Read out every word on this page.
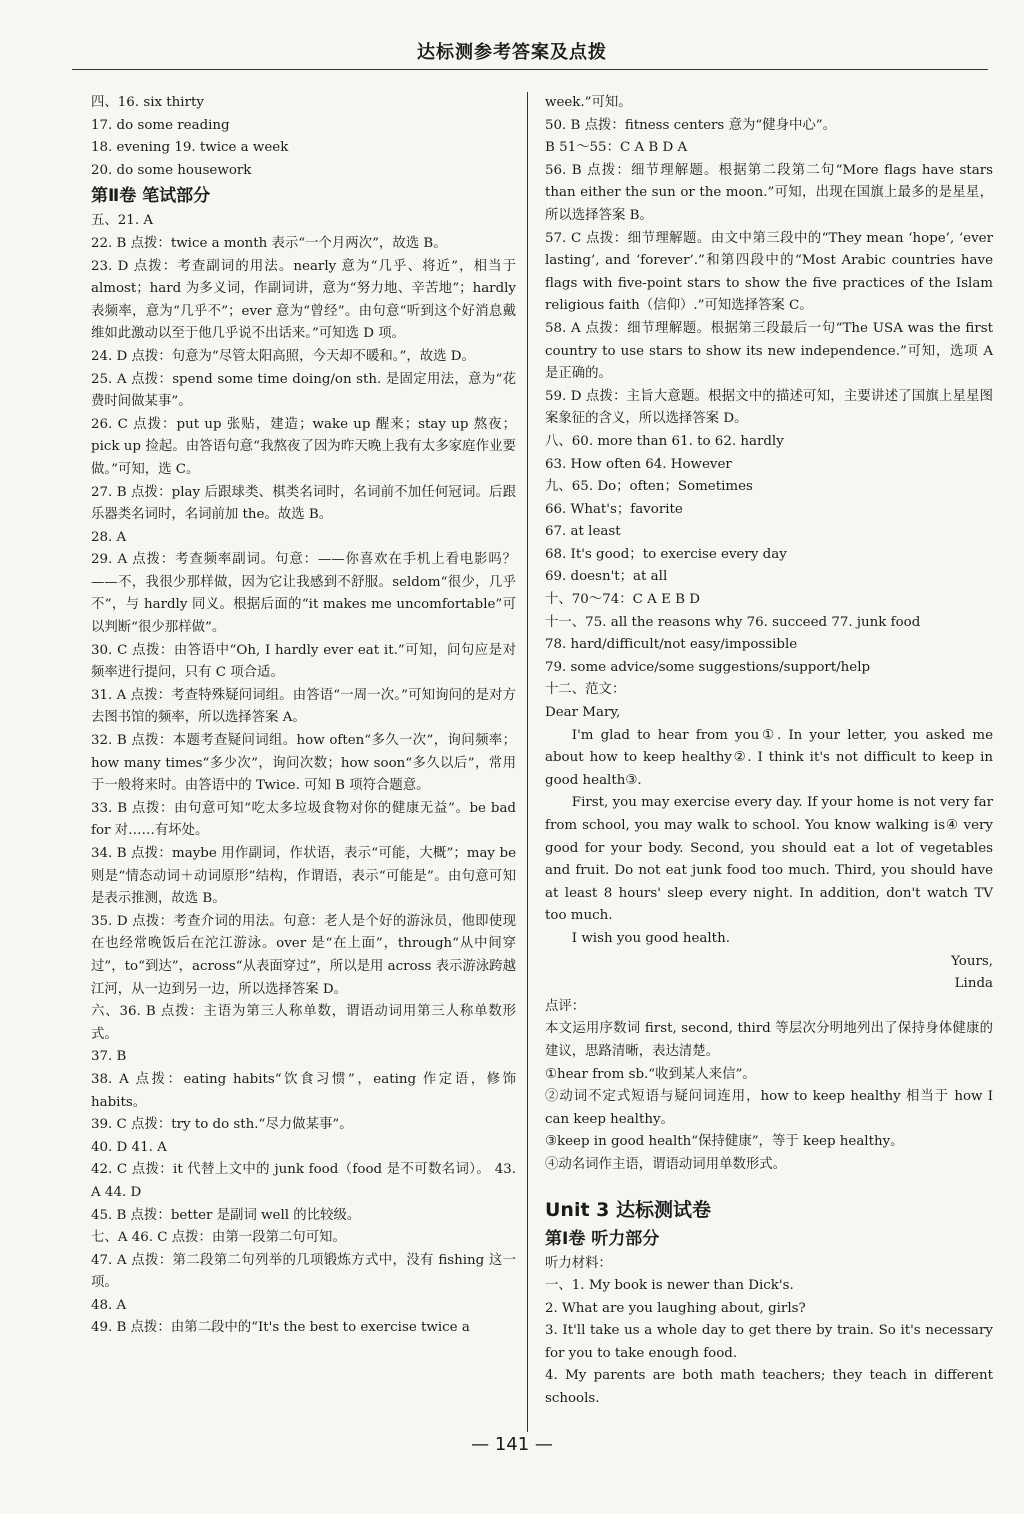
达标测参考答案及点拨

四、16. six thirty

17. do some reading

18. evening 19. twice a week

20. do some housework

第Ⅱ卷 笔试部分

五、21. A

22. B 点拨：twice a month 表示“一个月两次”，故选 B。

23. D 点拨：考查副词的用法。nearly 意为“几乎、将近”，相当于 almost；hard 为多义词，作副词讲，意为“努力地、辛苦地”；hardly 表频率，意为“几乎不”；ever 意为“曾经”。由句意“听到这个好消息戴维如此激动以至于他几乎说不出话来。”可知选 D 项。

24. D 点拨：句意为“尽管太阳高照，今天却不暖和。”，故选 D。

25. A 点拨：spend some time doing/on sth. 是固定用法，意为“花费时间做某事”。

26. C 点拨：put up 张贴，建造；wake up 醒来；stay up 熬夜；pick up 捡起。由答语句意“我熬夜了因为昨天晚上我有太多家庭作业要做。”可知，选 C。

27. B 点拨：play 后跟球类、棋类名词时，名词前不加任何冠词。后跟乐器类名词时，名词前加 the。故选 B。

28. A

29. A 点拨：考查频率副词。句意：——你喜欢在手机上看电影吗？——不，我很少那样做，因为它让我感到不舒服。seldom“很少，几乎不”，与 hardly 同义。根据后面的“it makes me uncomfortable”可以判断“很少那样做”。

30. C 点拨：由答语中“Oh, I hardly ever eat it.”可知，问句应是对频率进行提问，只有 C 项合适。

31. A 点拨：考查特殊疑问词组。由答语“一周一次。”可知询问的是对方去图书馆的频率，所以选择答案 A。

32. B 点拨：本题考查疑问词组。how often“多久一次”，询问频率；how many times“多少次”，询问次数；how soon“多久以后”，常用于一般将来时。由答语中的 Twice. 可知 B 项符合题意。

33. B 点拨：由句意可知“吃太多垃圾食物对你的健康无益”。be bad for 对……有坏处。

34. B 点拨：maybe 用作副词，作状语，表示“可能，大概”；may be 则是“情态动词＋动词原形”结构，作谓语，表示“可能是”。由句意可知是表示推测，故选 B。

35. D 点拨：考查介词的用法。句意：老人是个好的游泳员，他即使现在也经常晚饭后在沱江游泳。over 是“在上面”，through“从中间穿过”，to“到达”，across“从表面穿过”，所以是用 across 表示游泳跨越江河，从一边到另一边，所以选择答案 D。

六、36. B 点拨：主语为第三人称单数，谓语动词用第三人称单数形式。

37. B

38. A 点拨：eating habits“饮食习惯”，eating 作定语，修饰 habits。

39. C 点拨：try to do sth.“尽力做某事”。

40. D 41. A

42. C 点拨：it 代替上文中的 junk food（food 是不可数名词）。 43. A 44. D

45. B 点拨：better 是副词 well 的比较级。

七、A 46. C 点拨：由第一段第二句可知。

47. A 点拨：第二段第二句列举的几项锻炼方式中，没有 fishing 这一项。

48. A

49. B 点拨：由第二段中的“It's the best to exercise twice a

week.”可知。

50. B 点拨：fitness centers 意为“健身中心”。

B 51～55：C A B D A

56. B 点拨：细节理解题。根据第二段第二句“More flags have stars than either the sun or the moon.”可知，出现在国旗上最多的是星星，所以选择答案 B。

57. C 点拨：细节理解题。由文中第三段中的“They mean ‘hope’, ‘ever lasting’, and ‘forever’.”和第四段中的“Most Arabic countries have flags with five-point stars to show the five practices of the Islam religious faith（信仰）.”可知选择答案 C。

58. A 点拨：细节理解题。根据第三段最后一句“The USA was the first country to use stars to show its new independence.”可知，选项 A 是正确的。

59. D 点拨：主旨大意题。根据文中的描述可知，主要讲述了国旗上星星图案象征的含义，所以选择答案 D。

八、60. more than 61. to 62. hardly

63. How often 64. However

九、65. Do；often；Sometimes

66. What's；favorite

67. at least

68. It's good；to exercise every day

69. doesn't；at all

十、70～74：C A E B D

十一、75. all the reasons why 76. succeed 77. junk food

78. hard/difficult/not easy/impossible

79. some advice/some suggestions/support/help

十二、范文：

Dear Mary,

I'm glad to hear from you①. In your letter, you asked me about how to keep healthy②. I think it's not difficult to keep in good health③.

First, you may exercise every day. If your home is not very far from school, you may walk to school. You know walking is④ very good for your body. Second, you should eat a lot of vegetables and fruit. Do not eat junk food too much. Third, you should have at least 8 hours' sleep every night. In addition, don't watch TV too much.

I wish you good health.

Yours,

Linda

点评：

本文运用序数词 first, second, third 等层次分明地列出了保持身体健康的建议，思路清晰，表达清楚。

①hear from sb.“收到某人来信”。

②动词不定式短语与疑问词连用，how to keep healthy 相当于 how I can keep healthy。

③keep in good health“保持健康”，等于 keep healthy。

④动名词作主语，谓语动词用单数形式。

Unit 3 达标测试卷

第Ⅰ卷 听力部分

听力材料：

一、1. My book is newer than Dick's.

2. What are you laughing about, girls?

3. It'll take us a whole day to get there by train. So it's necessary for you to take enough food.

4. My parents are both math teachers; they teach in different schools.

— 141 —
